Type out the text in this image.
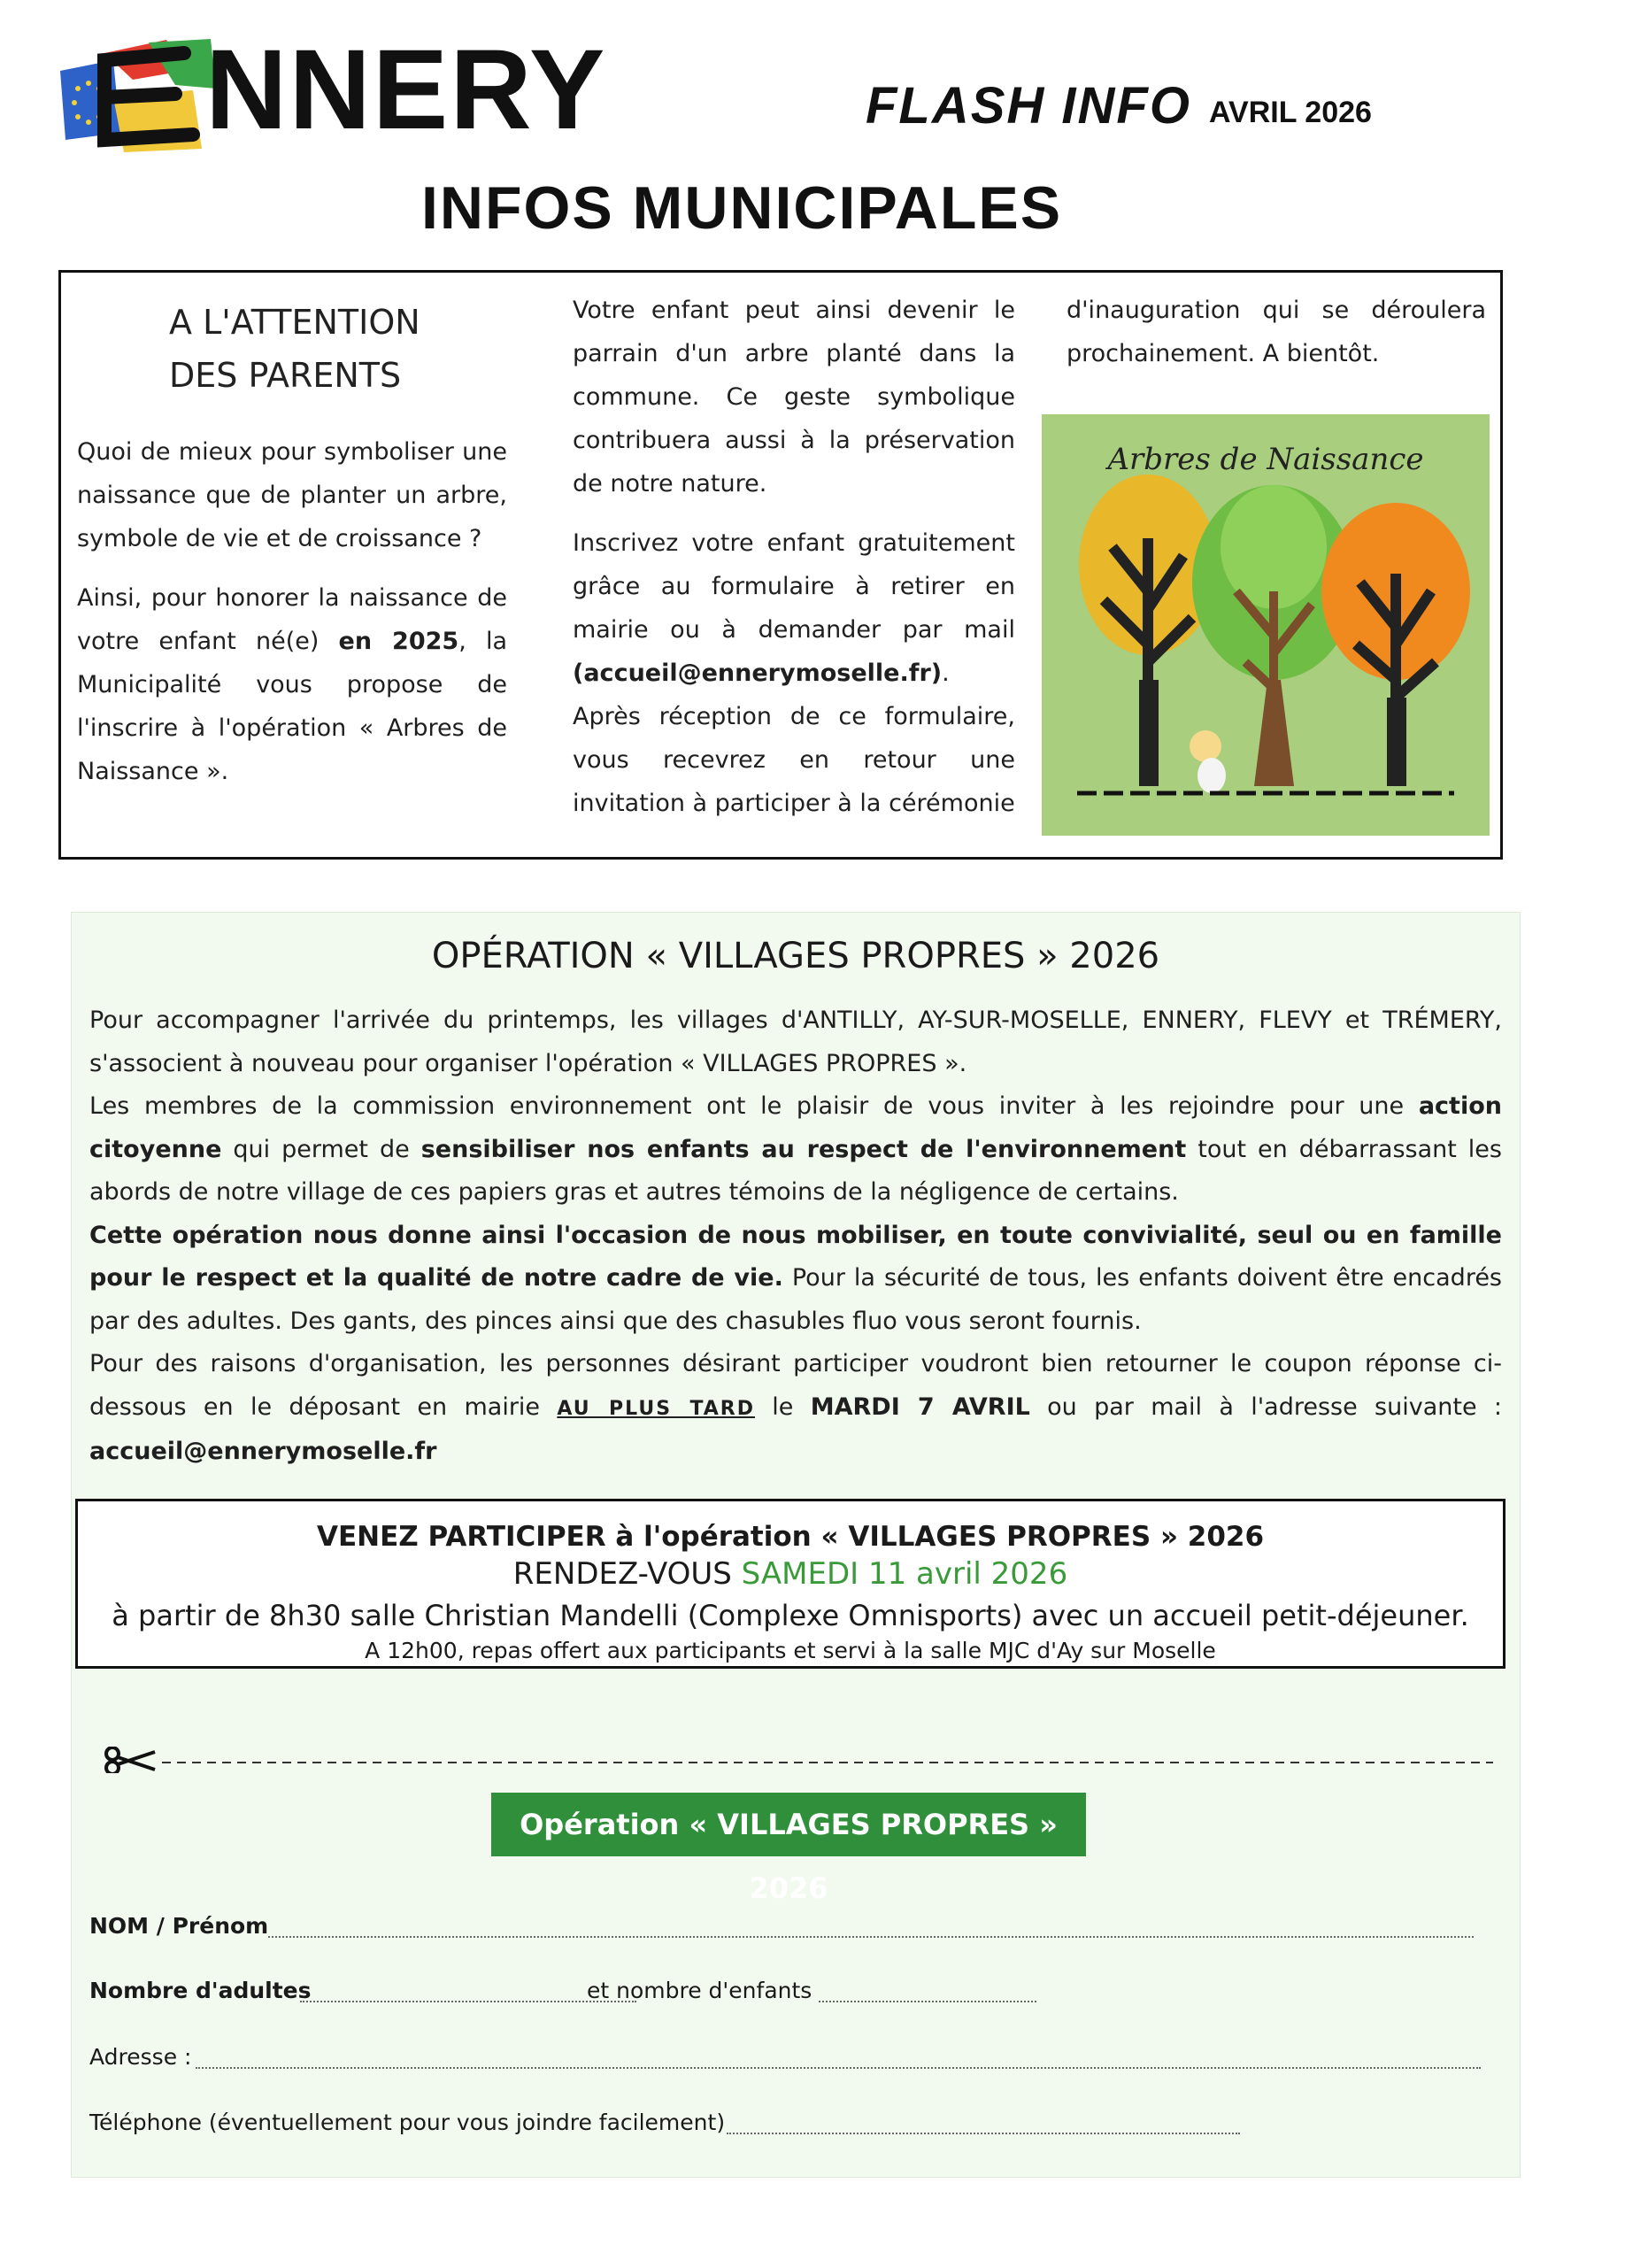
NNERY	FLASH INFO AVRIL 2026
INFOS MUNICIPALES
A L'ATTENTION
DES PARENTS

Quoi de mieux pour symboliser une naissance que de planter un arbre, symbole de vie et de croissance ?

Ainsi, pour honorer la naissance de votre enfant né(e) en 2025, la Municipalité vous propose de l'inscrire à l'opération « Arbres de Naissance ».

Votre enfant peut ainsi devenir le parrain d'un arbre planté dans la commune. Ce geste symbolique contribuera aussi à la préservation de notre nature.

Inscrivez votre enfant gratuitement grâce au formulaire à retirer en mairie ou à demander par mail (accueil@ennerymoselle.fr).

Après réception de ce formulaire, vous recevrez en retour une invitation à participer à la cérémonie

d'inauguration qui se déroulera prochainement. A bientôt.

Arbres de Naissance
OPÉRATION « VILLAGES PROPRES » 2026

Pour accompagner l'arrivée du printemps, les villages d'ANTILLY, AY-SUR-MOSELLE, ENNERY, FLEVY et TRÉMERY, s'associent à nouveau pour organiser l'opération « VILLAGES PROPRES ».

Les membres de la commission environnement ont le plaisir de vous inviter à les rejoindre pour une action citoyenne qui permet de sensibiliser nos enfants au respect de l'environnement tout en débarrassant les abords de notre village de ces papiers gras et autres témoins de la négligence de certains.

Cette opération nous donne ainsi l'occasion de nous mobiliser, en toute convivialité, seul ou en famille pour le respect et la qualité de notre cadre de vie. Pour la sécurité de tous, les enfants doivent être encadrés par des adultes. Des gants, des pinces ainsi que des chasubles fluo vous seront fournis.

Pour des raisons d'organisation, les personnes désirant participer voudront bien retourner le coupon réponse ci-dessous en le déposant en mairie AU PLUS TARD le MARDI 7 AVRIL ou par mail à l'adresse suivante : accueil@ennerymoselle.fr

VENEZ PARTICIPER à l'opération « VILLAGES PROPRES » 2026
RENDEZ-VOUS SAMEDI 11 avril 2026
à partir de 8h30 salle Christian Mandelli (Complexe Omnisports) avec un accueil petit-déjeuner.
A 12h00, repas offert aux participants et servi à la salle MJC d'Ay sur Moselle
Opération « VILLAGES PROPRES » 2026
NOM / Prénom
Nombre d'adultes	et nombre d'enfants
Adresse :
Téléphone (éventuellement pour vous joindre facilement)
